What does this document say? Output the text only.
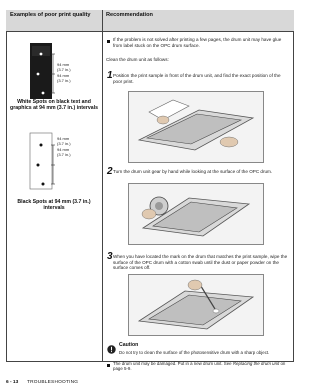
Examples of poor print quality	Recommendation
94 mm
(3.7 in.)
94 mm
(3.7 in.)
White Spots on black text and graphics at 94 mm (3.7 in.) intervals
94 mm
(3.7 in.)
94 mm
(3.7 in.)
Black Spots at 94 mm (3.7 in.) intervals
If the problem is not solved after printing a few pages, the drum unit may have glue from label stuck on the OPC drum surface.
Clean the drum unit as follows:
1 Position the print sample in front of the drum unit, and find the exact position of the poor print.
2 Turn the drum unit gear by hand while looking at the surface of the OPC drum.
3 When you have located the mark on the drum that matches the print sample, wipe the surface of the OPC drum with a cotton swab until the dust or paper powder on the surface comes off.
Caution
Do not try to clean the surface of the photosensitive drum with a sharp object.
The drum unit may be damaged. Put in a new drum unit. See Replacing the drum unit on page 5-9.
6 - 13 TROUBLESHOOTING
